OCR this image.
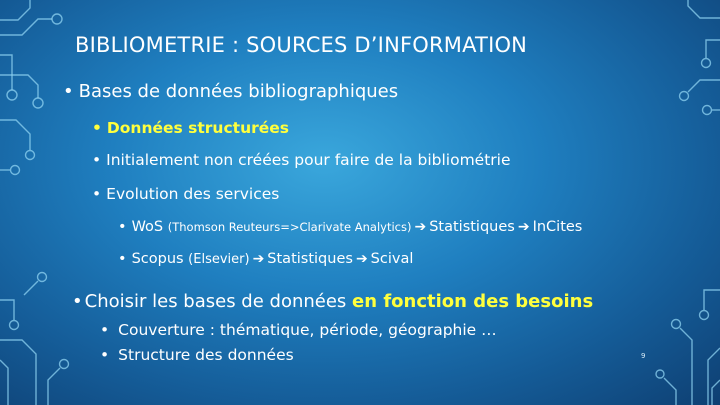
BIBLIOMETRIE : SOURCES D’INFORMATION
• Bases de données bibliographiques
• Données structurées
• Initialement non créées pour faire de la bibliométrie
• Evolution des services
• WoS (Thomson Reuteurs=>Clarivate Analytics) ➔ Statistiques ➔ InCites
• Scopus (Elsevier) ➔ Statistiques ➔ Scival
• Choisir les bases de données en fonction des besoins
• Couverture : thématique, période, géographie …
• Structure des données	9
